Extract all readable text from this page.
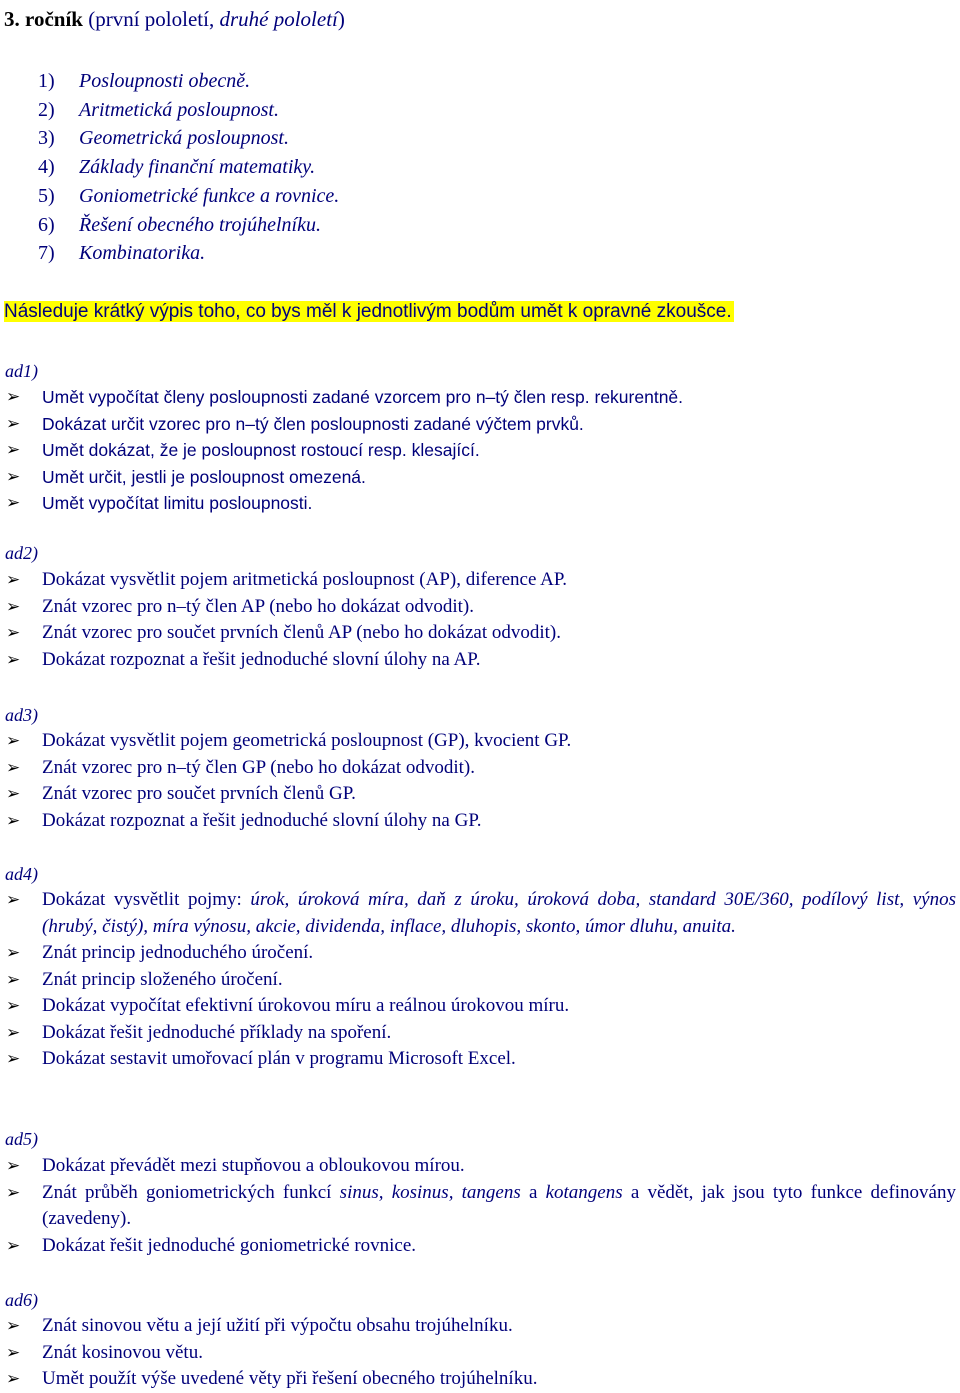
3. ročník (první pololetí, druhé pololetí)
1) Posloupnosti obecně.
2) Aritmetická posloupnost.
3) Geometrická posloupnost.
4) Základy finanční matematiky.
5) Goniometrické funkce a rovnice.
6) Řešení obecného trojúhelníku.
7) Kombinatorika.
Následuje krátký výpis toho, co bys měl k jednotlivým bodům umět k opravné zkoušce.
ad1)
➢ Umět vypočítat členy posloupnosti zadané vzorcem pro n–tý člen resp. rekurentně.
➢ Dokázat určit vzorec pro n–tý člen posloupnosti zadané výčtem prvků.
➢ Umět dokázat, že je posloupnost rostoucí resp. klesající.
➢ Umět určit, jestli je posloupnost omezená.
➢ Umět vypočítat limitu posloupnosti.
ad2)
➢ Dokázat vysvětlit pojem aritmetická posloupnost (AP), diference AP.
➢ Znát vzorec pro n–tý člen AP (nebo ho dokázat odvodit).
➢ Znát vzorec pro součet prvních členů AP (nebo ho dokázat odvodit).
➢ Dokázat rozpoznat a řešit jednoduché slovní úlohy na AP.
ad3)
➢ Dokázat vysvětlit pojem geometrická posloupnost (GP), kvocient GP.
➢ Znát vzorec pro n–tý člen GP (nebo ho dokázat odvodit).
➢ Znát vzorec pro součet prvních členů GP.
➢ Dokázat rozpoznat a řešit jednoduché slovní úlohy na GP.
ad4)
➢ Dokázat vysvětlit pojmy: úrok, úroková míra, daň z úroku, úroková doba, standard 30E/360, podílový list, výnos (hrubý, čistý), míra výnosu, akcie, dividenda, inflace, dluhopis, skonto, úmor dluhu, anuita.
➢ Znát princip jednoduchého úročení.
➢ Znát princip složeného úročení.
➢ Dokázat vypočítat efektivní úrokovou míru a reálnou úrokovou míru.
➢ Dokázat řešit jednoduché příklady na spoření.
➢ Dokázat sestavit umořovací plán v programu Microsoft Excel.
ad5)
➢ Dokázat převádět mezi stupňovou a obloukovou mírou.
➢ Znát průběh goniometrických funkcí sinus, kosinus, tangens a kotangens a vědět, jak jsou tyto funkce definovány (zavedeny).
➢ Dokázat řešit jednoduché goniometrické rovnice.
ad6)
➢ Znát sinovou větu a její užití při výpočtu obsahu trojúhelníku.
➢ Znát kosinovou větu.
➢ Umět použít výše uvedené věty při řešení obecného trojúhelníku.
